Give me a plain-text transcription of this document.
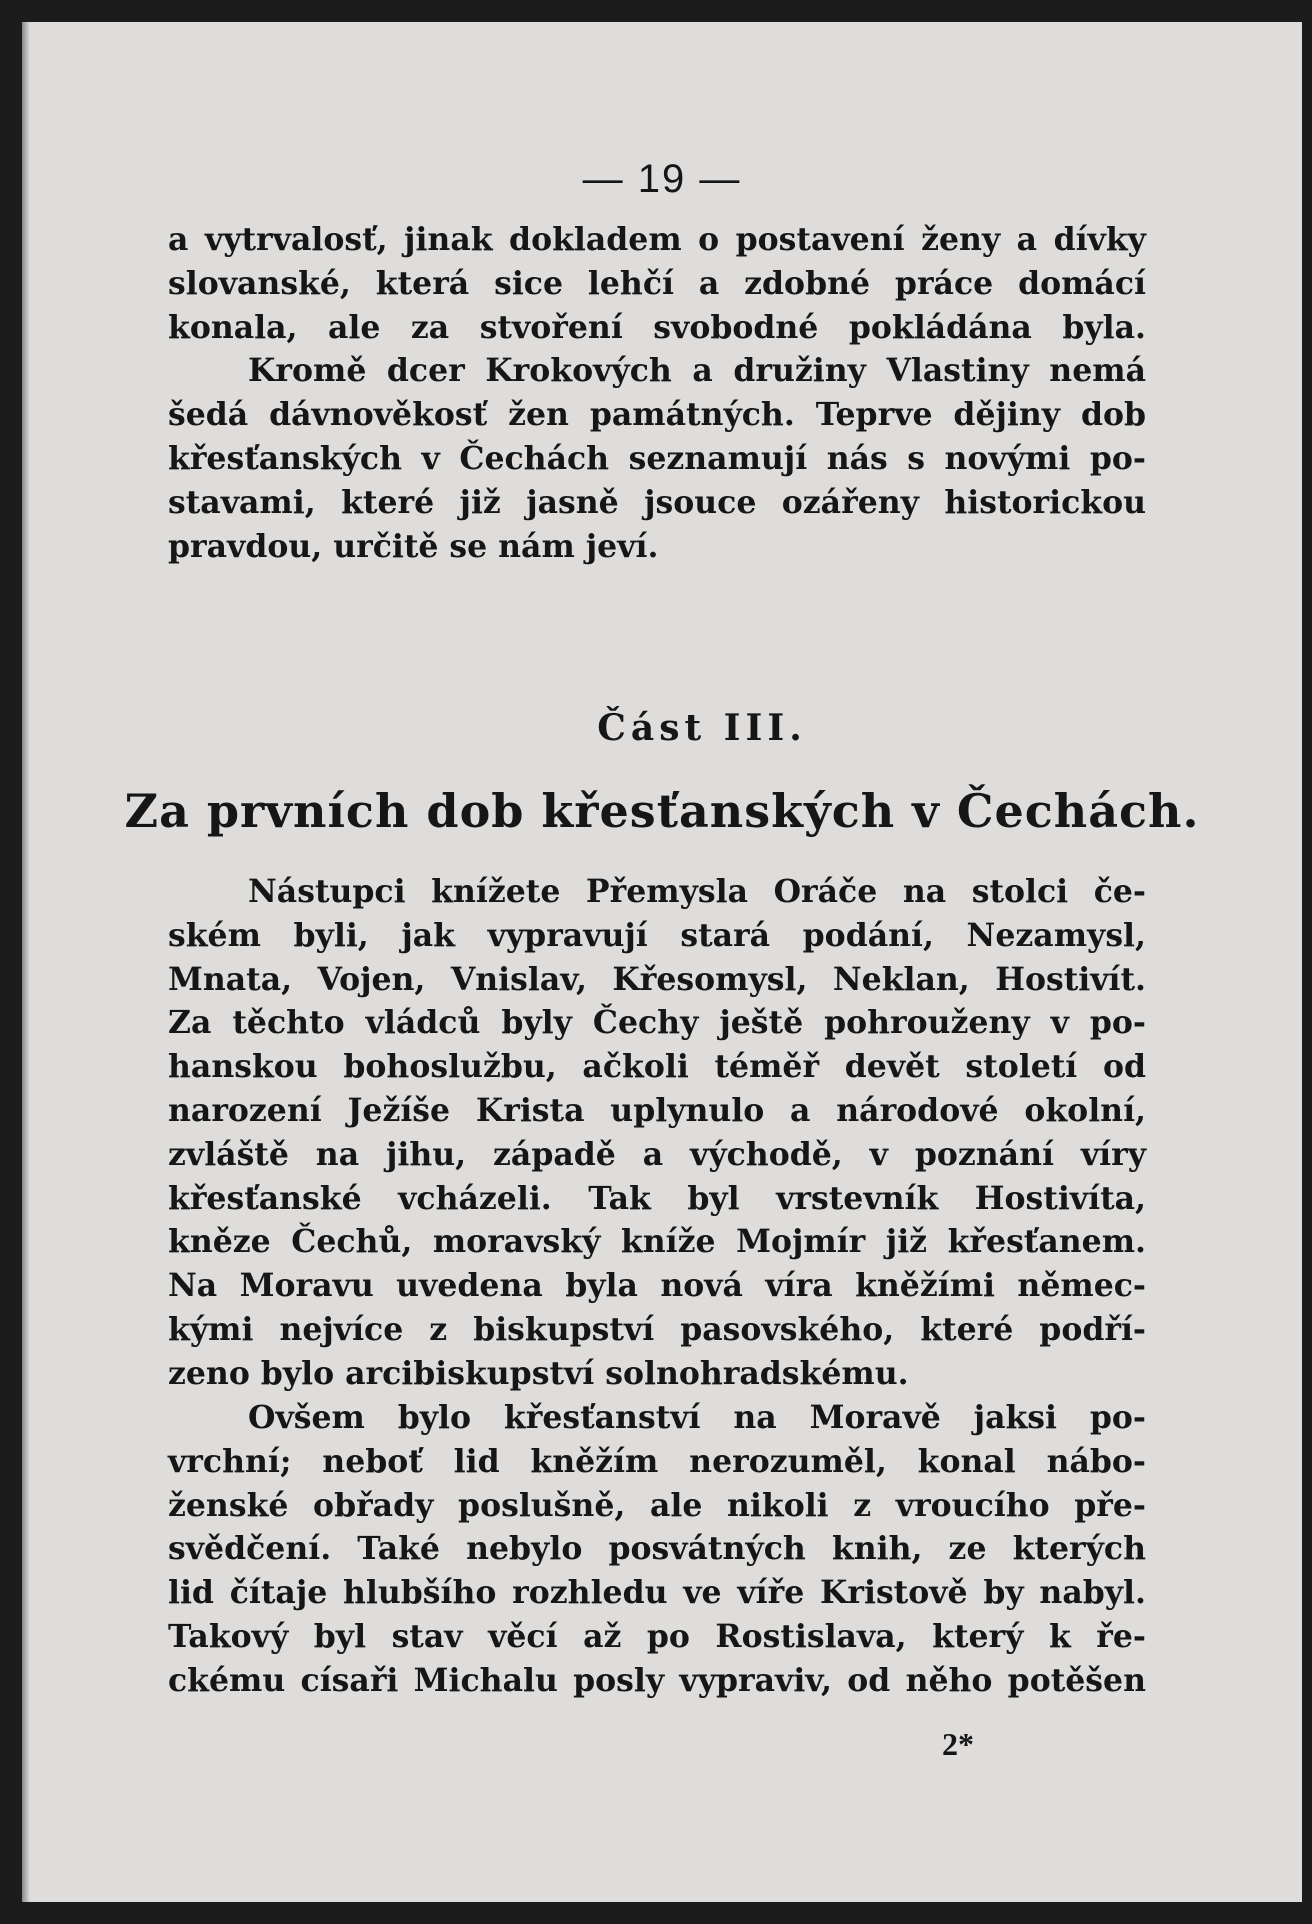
— 19 —
a vytrvalosť, jinak dokladem o postavení ženy a dívky
slovanské, která sice lehčí a zdobné práce domácí
konala, ale za stvoření svobodné pokládána byla.
Kromě dcer Krokových a družiny Vlastiny nemá
šedá dávnověkosť žen památných. Teprve dějiny dob
křesťanských v Čechách seznamují nás s novými po-
stavami, které již jasně jsouce ozářeny historickou
pravdou, určitě se nám jeví.
Část III.
Za prvních dob křesťanských v Čechách.
Nástupci knížete Přemysla Oráče na stolci če-
ském byli, jak vypravují stará podání, Nezamysl,
Mnata, Vojen, Vnislav, Křesomysl, Neklan, Hostivít.
Za těchto vládců byly Čechy ještě pohrouženy v po-
hanskou bohoslužbu, ačkoli téměř devět století od
narození Ježíše Krista uplynulo a národové okolní,
zvláště na jihu, západě a východě, v poznání víry
křesťanské vcházeli. Tak byl vrstevník Hostivíta,
kněze Čechů, moravský kníže Mojmír již křesťanem.
Na Moravu uvedena byla nová víra kněžími němec-
kými nejvíce z biskupství pasovského, které podří-
zeno bylo arcibiskupství solnohradskému.
Ovšem bylo křesťanství na Moravě jaksi po-
vrchní; neboť lid kněžím nerozuměl, konal nábo-
ženské obřady poslušně, ale nikoli z vroucího pře-
svědčení. Také nebylo posvátných knih, ze kterých
lid čítaje hlubšího rozhledu ve víře Kristově by nabyl.
Takový byl stav věcí až po Rostislava, který k ře-
ckému císaři Michalu posly vypraviv, od něho potěšen
2*
